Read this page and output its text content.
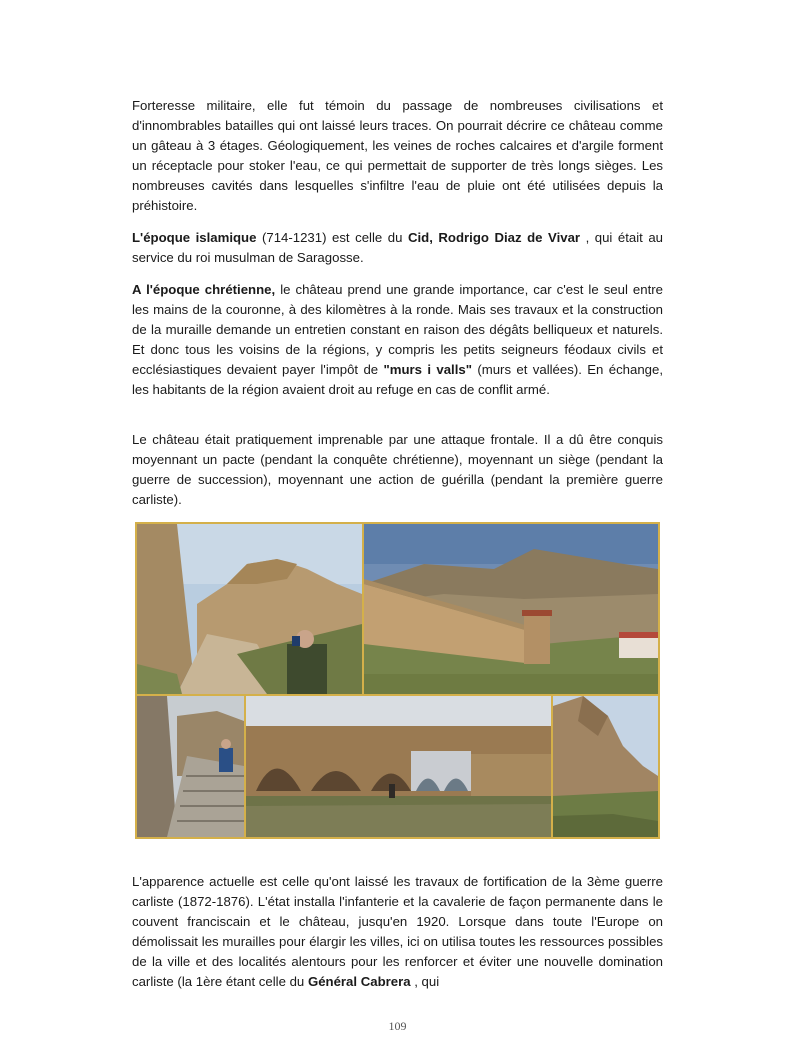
Forteresse militaire, elle fut témoin du passage de nombreuses civilisations et d'innombrables batailles qui ont laissé leurs traces. On pourrait décrire ce château comme un gâteau à 3 étages. Géologiquement, les veines de roches calcaires et d'argile forment un réceptacle pour stoker l'eau, ce qui permettait de supporter de très longs sièges. Les nombreuses cavités dans lesquelles s'infiltre l'eau de pluie ont été utilisées depuis la préhistoire.

L'époque islamique (714-1231) est celle du Cid, Rodrigo Diaz de Vivar , qui était au service du roi musulman de Saragosse.

A l'époque chrétienne, le château prend une grande importance, car c'est le seul entre les mains de la couronne, à des kilomètres à la ronde. Mais ses travaux et la construction de la muraille demande un entretien constant en raison des dégâts belliqueux et naturels. Et donc tous les voisins de la régions, y compris les petits seigneurs féodaux civils et ecclésiastiques devaient payer l'impôt de "murs i valls" (murs et vallées). En échange, les habitants de la région avaient droit au refuge en cas de conflit armé.

Le château était pratiquement imprenable par une attaque frontale. Il a dû être conquis moyennant un pacte (pendant la conquête chrétienne), moyennant un siège (pendant la guerre de succession), moyennant une action de guérilla (pendant la première guerre carliste).

L'apparence actuelle est celle qu'ont laissé les travaux de fortification de la 3ème guerre carliste (1872-1876). L'état installa l'infanterie et la cavalerie de façon permanente dans le couvent franciscain et le château, jusqu'en 1920. Lorsque dans toute l'Europe on démolissait les murailles pour élargir les villes, ici on utilisa toutes les ressources possibles de la ville et des localités alentours pour les renforcer et éviter une nouvelle domination carliste (la 1ère étant celle du Général Cabrera , qui

109
